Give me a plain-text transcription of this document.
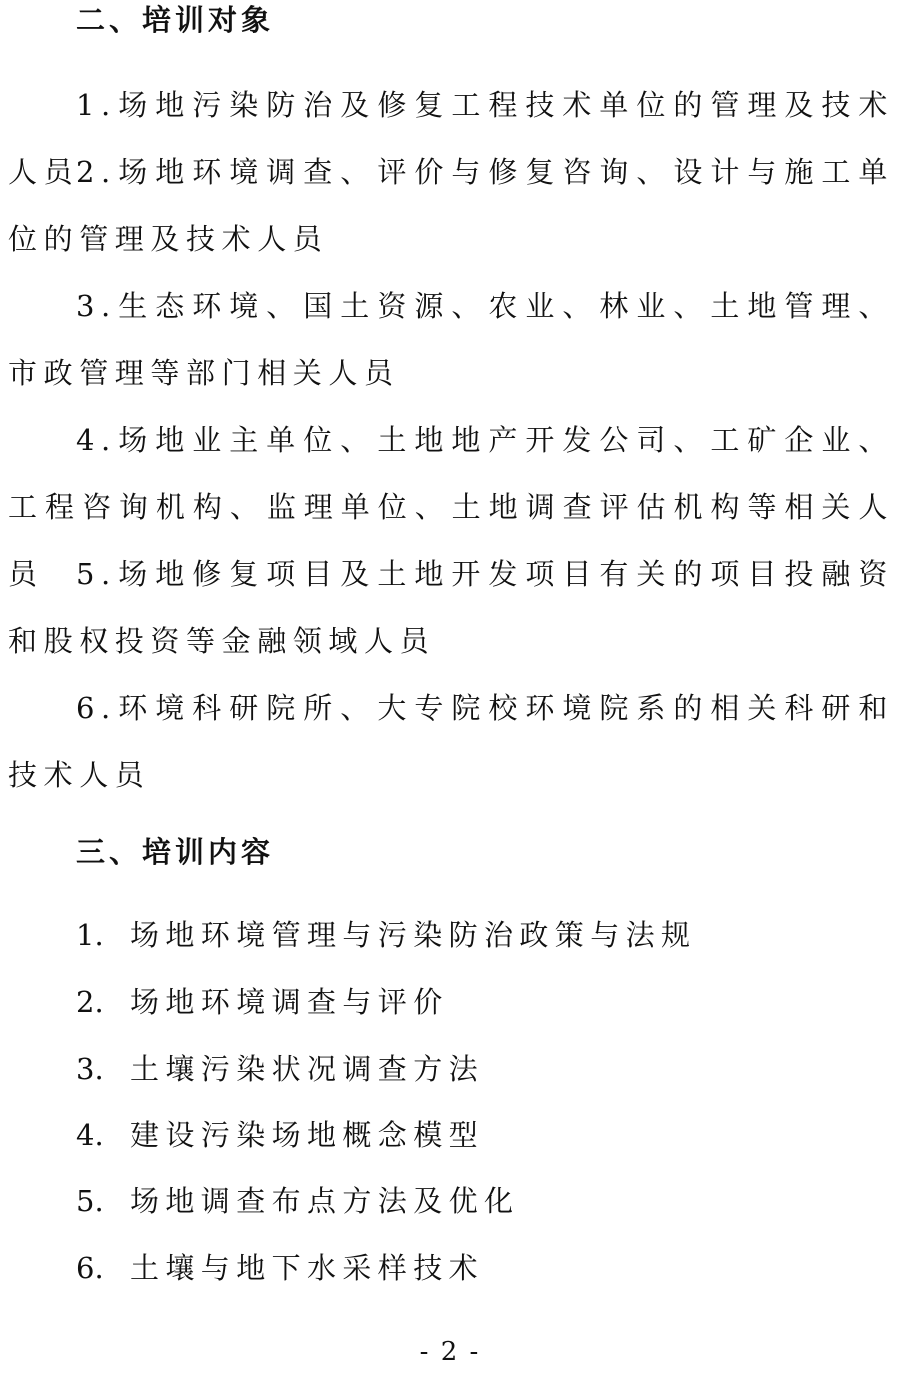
二、培训对象

1.场地污染防治及修复工程技术单位的管理及技术人员

2.场地环境调查、评价与修复咨询、设计与施工单位的管理及技术人员

3.生态环境、国土资源、农业、林业、土地管理、市政管理等部门相关人员

4.场地业主单位、土地地产开发公司、工矿企业、工程咨询机构、监理单位、土地调查评估机构等相关人员	5.场地修复项目及土地开发项目有关的项目投融资和股权投资等金融领域人员

6.环境科研院所、大专院校环境院系的相关科研和技术人员

三、培训内容

1. 场地环境管理与污染防治政策与法规

2. 场地环境调查与评价

3. 土壤污染状况调查方法

4. 建设污染场地概念模型

5. 场地调查布点方法及优化

6. 土壤与地下水采样技术

- 2 -
